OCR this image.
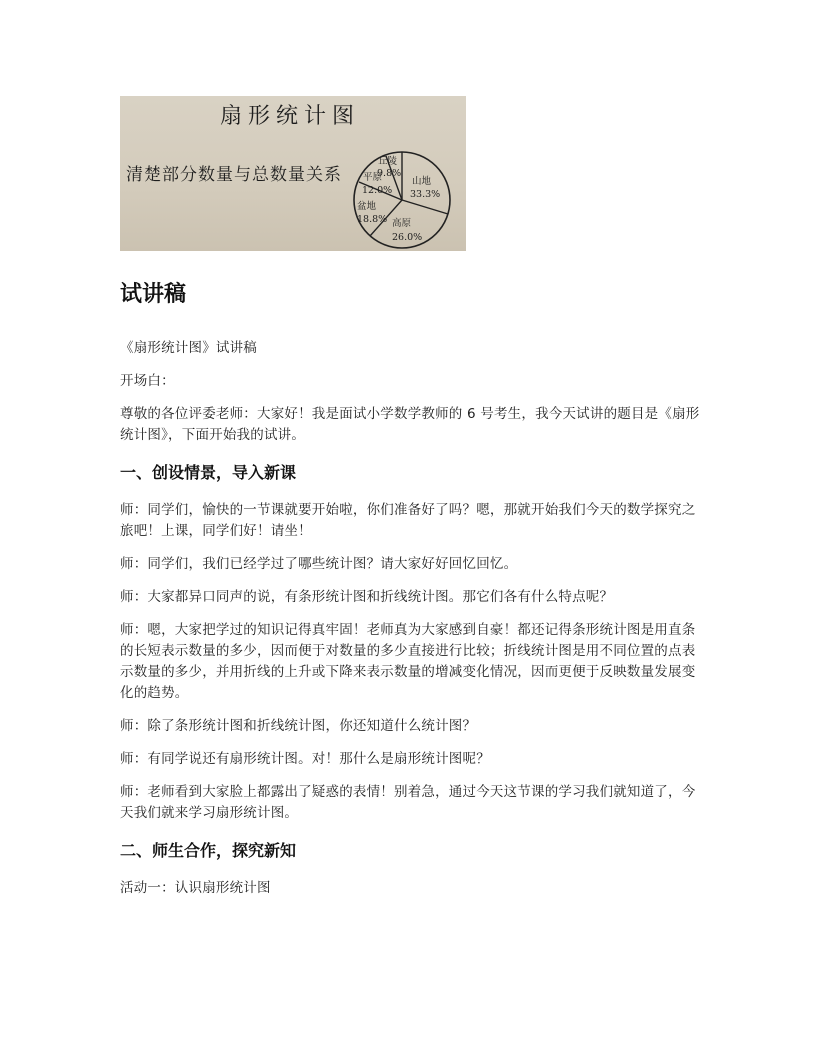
扇形统计图
清楚部分数量与总数量关系
丘陵
9.8%
山地
33.3%
平原
12.0%
盆地
18.8% 高原
26.0%
试讲稿

《扇形统计图》试讲稿

开场白：

尊敬的各位评委老师：大家好！我是面试小学数学教师的 6 号考生，我今天试讲的题目是《扇形统计图》，下面开始我的试讲。

一、创设情景，导入新课

师：同学们，愉快的一节课就要开始啦，你们准备好了吗？嗯，那就开始我们今天的数学探究之旅吧！上课，同学们好！请坐！

师：同学们，我们已经学过了哪些统计图？请大家好好回忆回忆。

师：大家都异口同声的说，有条形统计图和折线统计图。那它们各有什么特点呢？

师：嗯，大家把学过的知识记得真牢固！老师真为大家感到自豪！都还记得条形统计图是用直条的长短表示数量的多少，因而便于对数量的多少直接进行比较；折线统计图是用不同位置的点表示数量的多少，并用折线的上升或下降来表示数量的增减变化情况，因而更便于反映数量发展变化的趋势。

师：除了条形统计图和折线统计图，你还知道什么统计图？

师：有同学说还有扇形统计图。对！那什么是扇形统计图呢？

师：老师看到大家脸上都露出了疑惑的表情！别着急，通过今天这节课的学习我们就知道了，今天我们就来学习扇形统计图。

二、师生合作，探究新知

活动一：认识扇形统计图
